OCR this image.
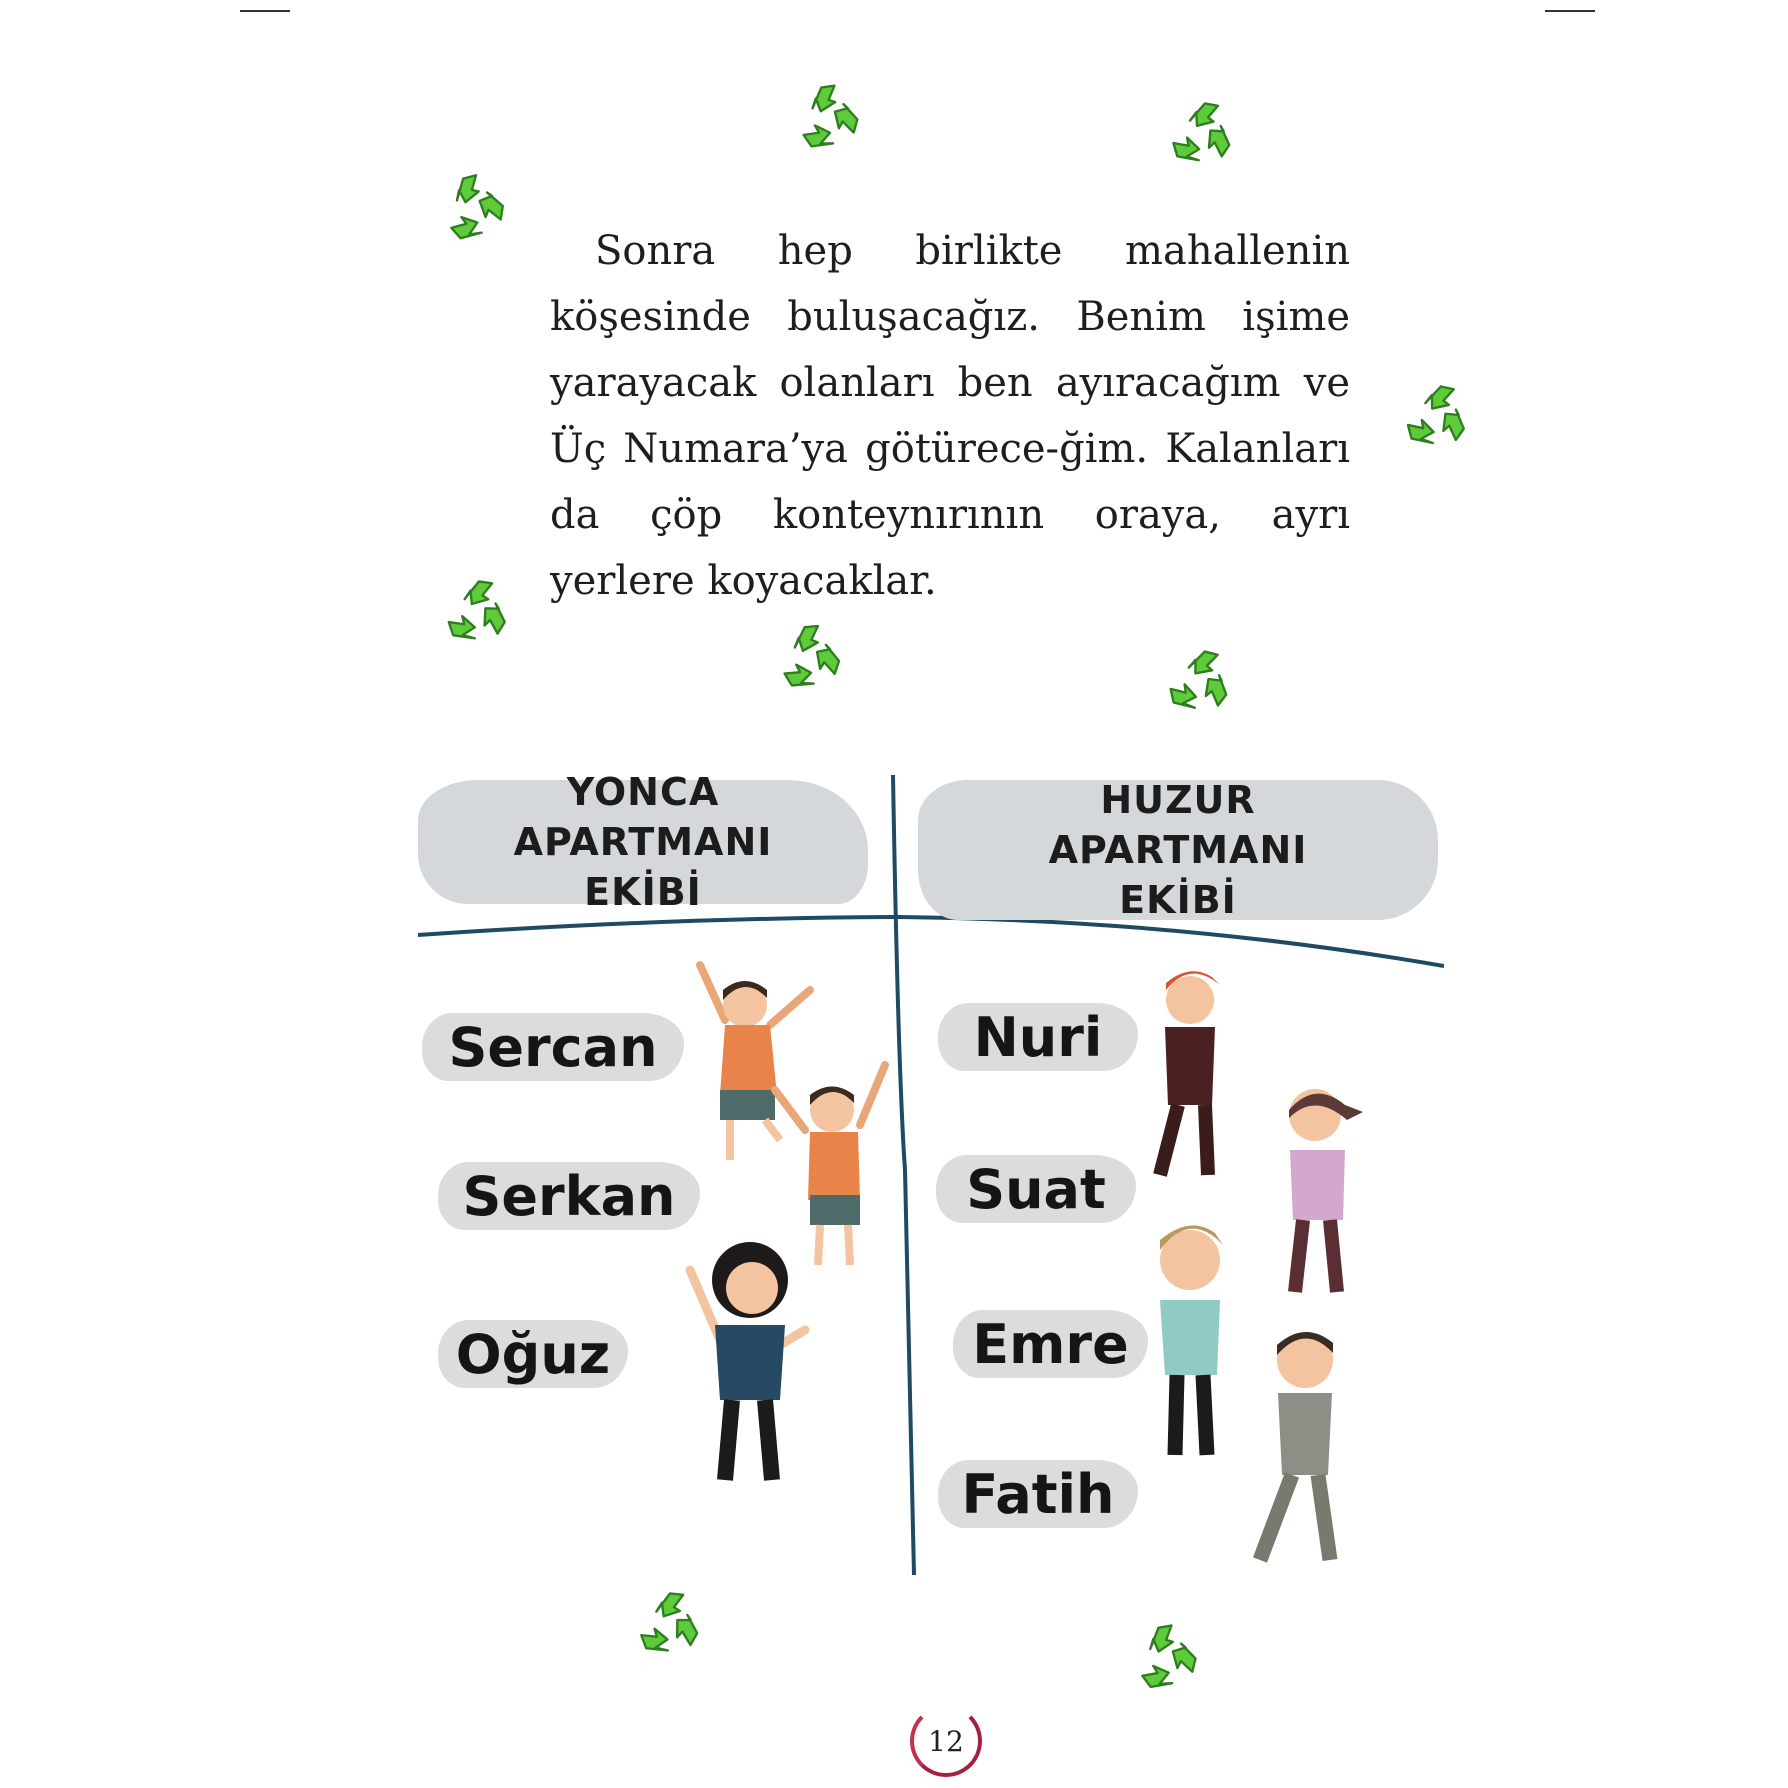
Sonra hep birlikte mahallenin köşesinde buluşacağız. Benim işime yarayacak olanları ben ayıracağım ve Üç Numara’ya götürece-ğim. Kalanları da çöp konteynırının oraya, ayrı yerlere koyacaklar.
YONCA APARTMANI EKİBİ
HUZUR APARTMANI EKİBİ
Sercan
Serkan
Oğuz
Nuri
Suat
Emre
Fatih
12
